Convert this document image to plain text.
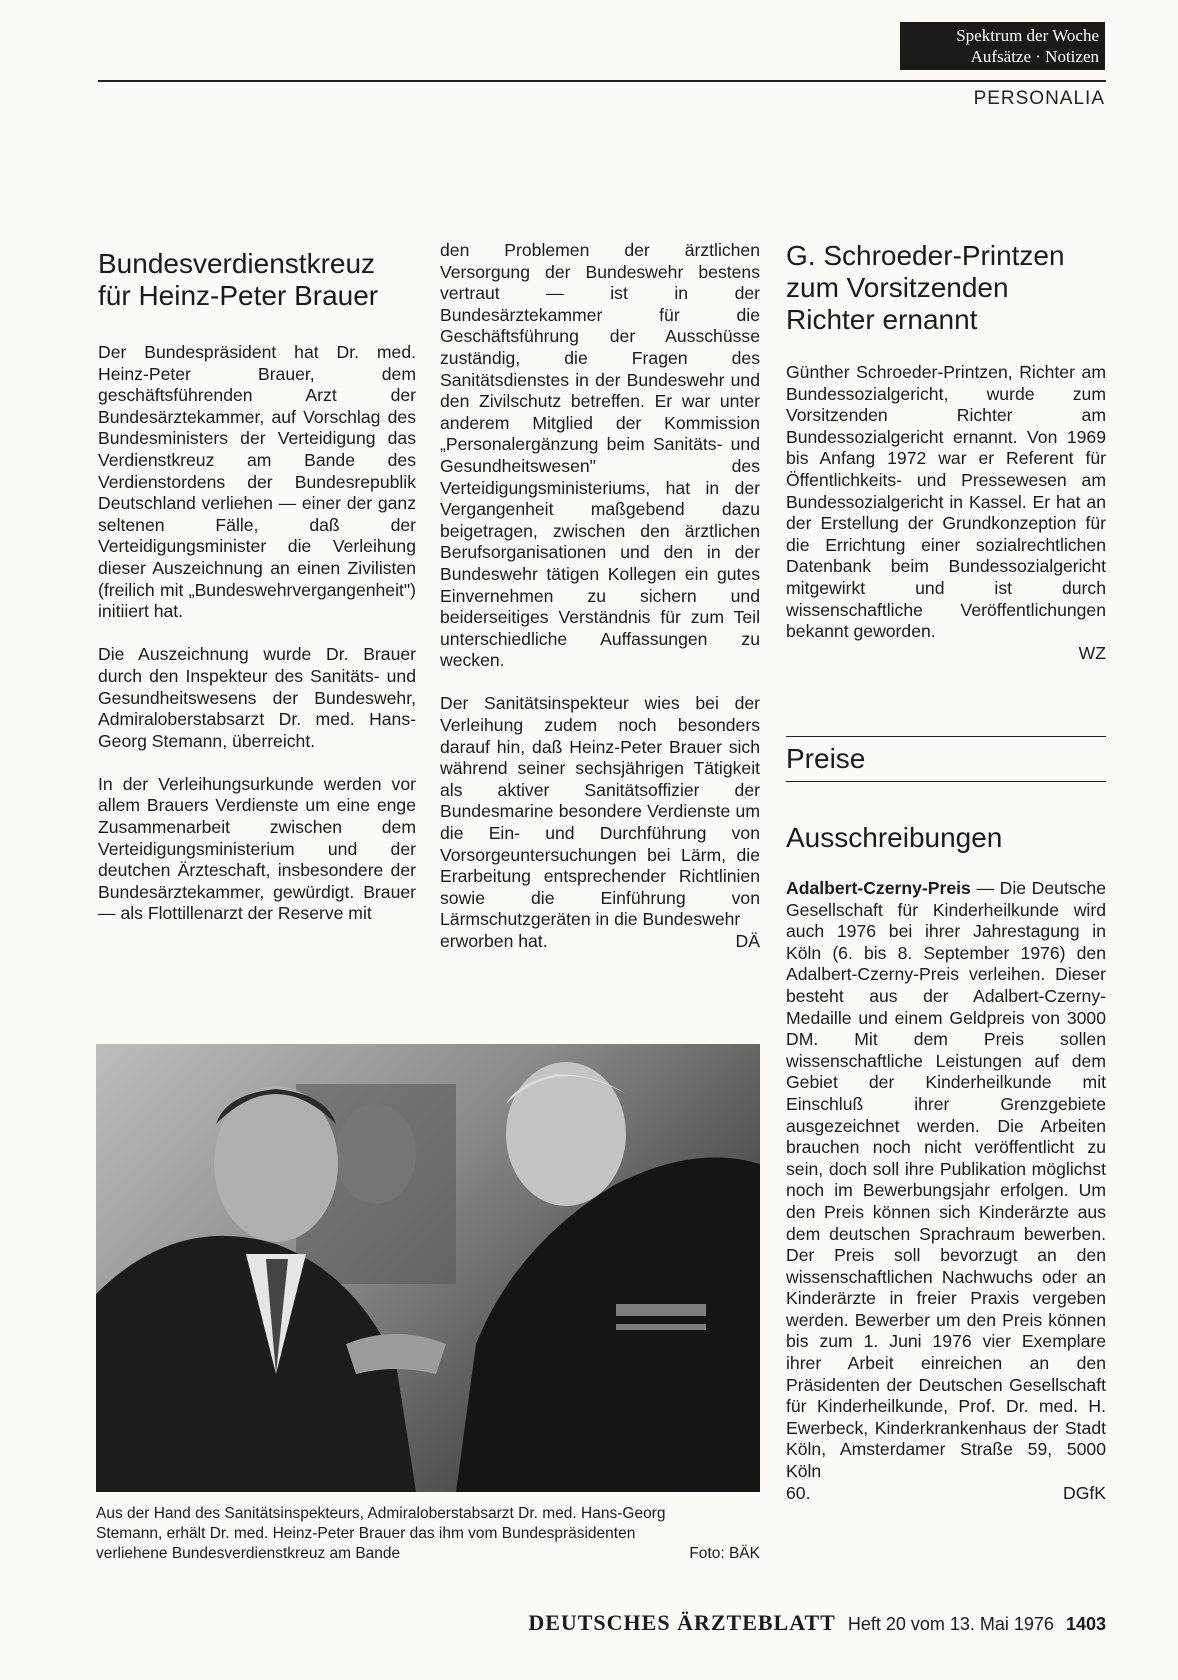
Spektrum der Woche
Aufsätze · Notizen
PERSONALIA
Bundesverdienstkreuz
für Heinz-Peter Brauer

Der Bundespräsident hat Dr. med. Heinz-Peter Brauer, dem geschäftsführenden Arzt der Bundesärztekammer, auf Vorschlag des Bundesministers der Verteidigung das Verdienstkreuz am Bande des Verdienstordens der Bundesrepublik Deutschland verliehen — einer der ganz seltenen Fälle, daß der Verteidigungsminister die Verleihung dieser Auszeichnung an einen Zivilisten (freilich mit „Bundeswehrvergangenheit") initiiert hat.

Die Auszeichnung wurde Dr. Brauer durch den Inspekteur des Sanitäts- und Gesundheitswesens der Bundeswehr, Admiraloberstabsarzt Dr. med. Hans-Georg Stemann, überreicht.

In der Verleihungsurkunde werden vor allem Brauers Verdienste um eine enge Zusammenarbeit zwischen dem Verteidigungsministerium und der deutchen Ärzteschaft, insbesondere der Bundesärztekammer, gewürdigt. Brauer — als Flottillenarzt der Reserve mit

den Problemen der ärztlichen Versorgung der Bundeswehr bestens vertraut — ist in der Bundesärztekammer für die Geschäftsführung der Ausschüsse zuständig, die Fragen des Sanitätsdienstes in der Bundeswehr und den Zivilschutz betreffen. Er war unter anderem Mitglied der Kommission „Personalergänzung beim Sanitäts- und Gesundheitswesen" des Verteidigungsministeriums, hat in der Vergangenheit maßgebend dazu beigetragen, zwischen den ärztlichen Berufsorganisationen und den in der Bundeswehr tätigen Kollegen ein gutes Einvernehmen zu sichern und beiderseitiges Verständnis für zum Teil unterschiedliche Auffassungen zu wecken.

Der Sanitätsinspekteur wies bei der Verleihung zudem noch besonders darauf hin, daß Heinz-Peter Brauer sich während seiner sechsjährigen Tätigkeit als aktiver Sanitätsoffizier der Bundesmarine besondere Verdienste um die Ein- und Durchführung von Vorsorgeuntersuchungen bei Lärm, die Erarbeitung entsprechender Richtlinien sowie die Einführung von Lärmschutzgeräten in die Bundeswehr

erworben hat.	DÄ
Aus der Hand des Sanitätsinspekteurs, Admiraloberstabsarzt Dr. med. Hans-Georg
Stemann, erhält Dr. med. Heinz-Peter Brauer das ihm vom Bundespräsidenten
verliehene Bundesverdienstkreuz am Bande	Foto: BÄK
G. Schroeder-Printzen
zum Vorsitzenden
Richter ernannt

Günther Schroeder-Printzen, Richter am Bundessozialgericht, wurde zum Vorsitzenden Richter am Bundessozialgericht ernannt. Von 1969 bis Anfang 1972 war er Referent für Öffentlichkeits- und Pressewesen am Bundessozialgericht in Kassel. Er hat an der Erstellung der Grundkonzeption für die Errichtung einer sozialrechtlichen Datenbank beim Bundessozialgericht mitgewirkt und ist durch wissenschaftliche Veröffentlichungen bekannt geworden.

WZ
Preise
Ausschreibungen

Adalbert-Czerny-Preis — Die Deutsche Gesellschaft für Kinderheilkunde wird auch 1976 bei ihrer Jahrestagung in Köln (6. bis 8. September 1976) den Adalbert-Czerny-Preis verleihen. Dieser besteht aus der Adalbert-Czerny-Medaille und einem Geldpreis von 3000 DM. Mit dem Preis sollen wissenschaftliche Leistungen auf dem Gebiet der Kinderheilkunde mit Einschluß ihrer Grenzgebiete ausgezeichnet werden. Die Arbeiten brauchen noch nicht veröffentlicht zu sein, doch soll ihre Publikation möglichst noch im Bewerbungsjahr erfolgen. Um den Preis können sich Kinderärzte aus dem deutschen Sprachraum bewerben. Der Preis soll bevorzugt an den wissenschaftlichen Nachwuchs oder an Kinderärzte in freier Praxis vergeben werden. Bewerber um den Preis können bis zum 1. Juni 1976 vier Exemplare ihrer Arbeit einreichen an den Präsidenten der Deutschen Gesellschaft für Kinderheilkunde, Prof. Dr. med. H. Ewerbeck, Kinderkrankenhaus der Stadt Köln, Amsterdamer Straße 59, 5000 Köln

60.	DGfK
DEUTSCHES ÄRZTEBLATT Heft 20 vom 13. Mai 1976 1403
